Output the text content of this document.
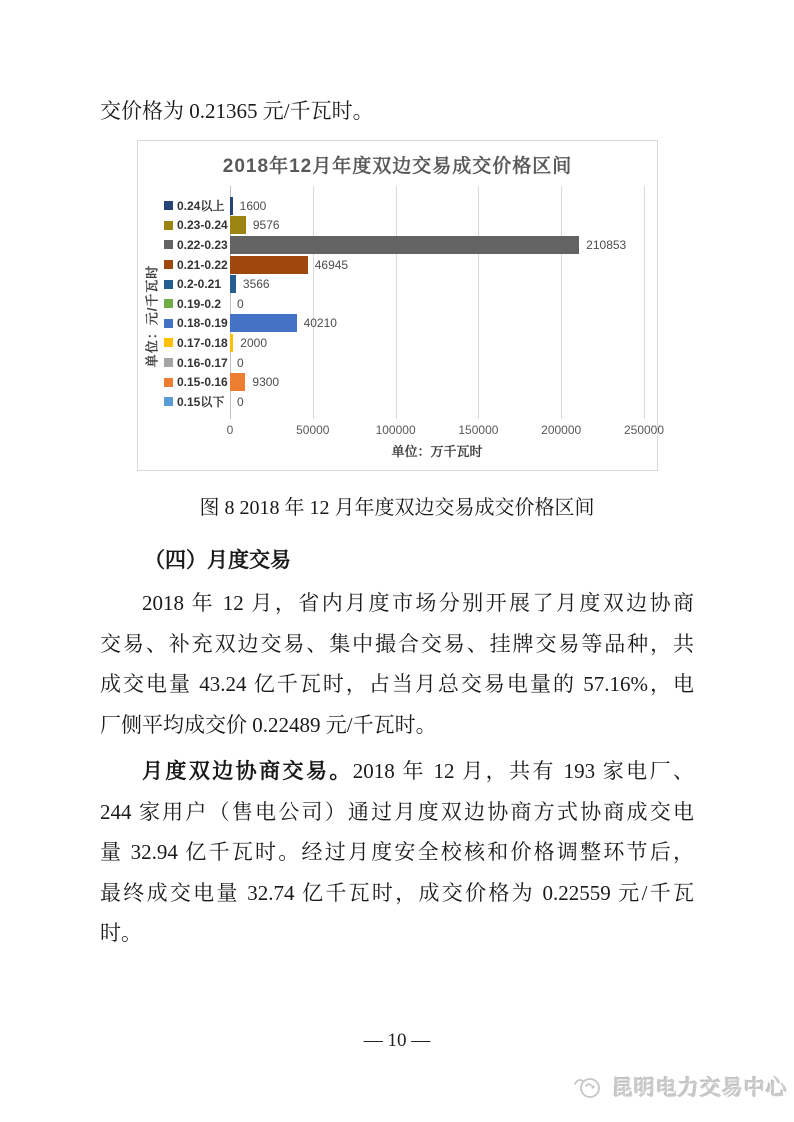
交价格为 0.21365 元/千瓦时。
2018年12月年度双边交易成交价格区间
单位：元/千瓦时
0.24以上
0.23-0.24
0.22-0.23
0.21-0.22
0.2-0.21
0.19-0.2
0.18-0.19
0.17-0.18
0.16-0.17
0.15-0.16
0.15以下
1600
9576
210853
46945
3566
0
40210
2000
0
9300
0
0	50000	100000	150000	200000	250000
单位：万千瓦时
图 8 2018 年 12 月年度双边交易成交价格区间
（四）月度交易
2018 年 12 月，省内月度市场分别开展了月度双边协商
交易、补充双边交易、集中撮合交易、挂牌交易等品种，共
成交电量 43.24 亿千瓦时，占当月总交易电量的 57.16%，电
厂侧平均成交价 0.22489 元/千瓦时。
月度双边协商交易。2018 年 12 月，共有 193 家电厂、
244 家用户（售电公司）通过月度双边协商方式协商成交电
量 32.94 亿千瓦时。经过月度安全校核和价格调整环节后，
最终成交电量 32.74 亿千瓦时，成交价格为 0.22559 元/千瓦
时。
— 10 —
昆明电力交易中心
